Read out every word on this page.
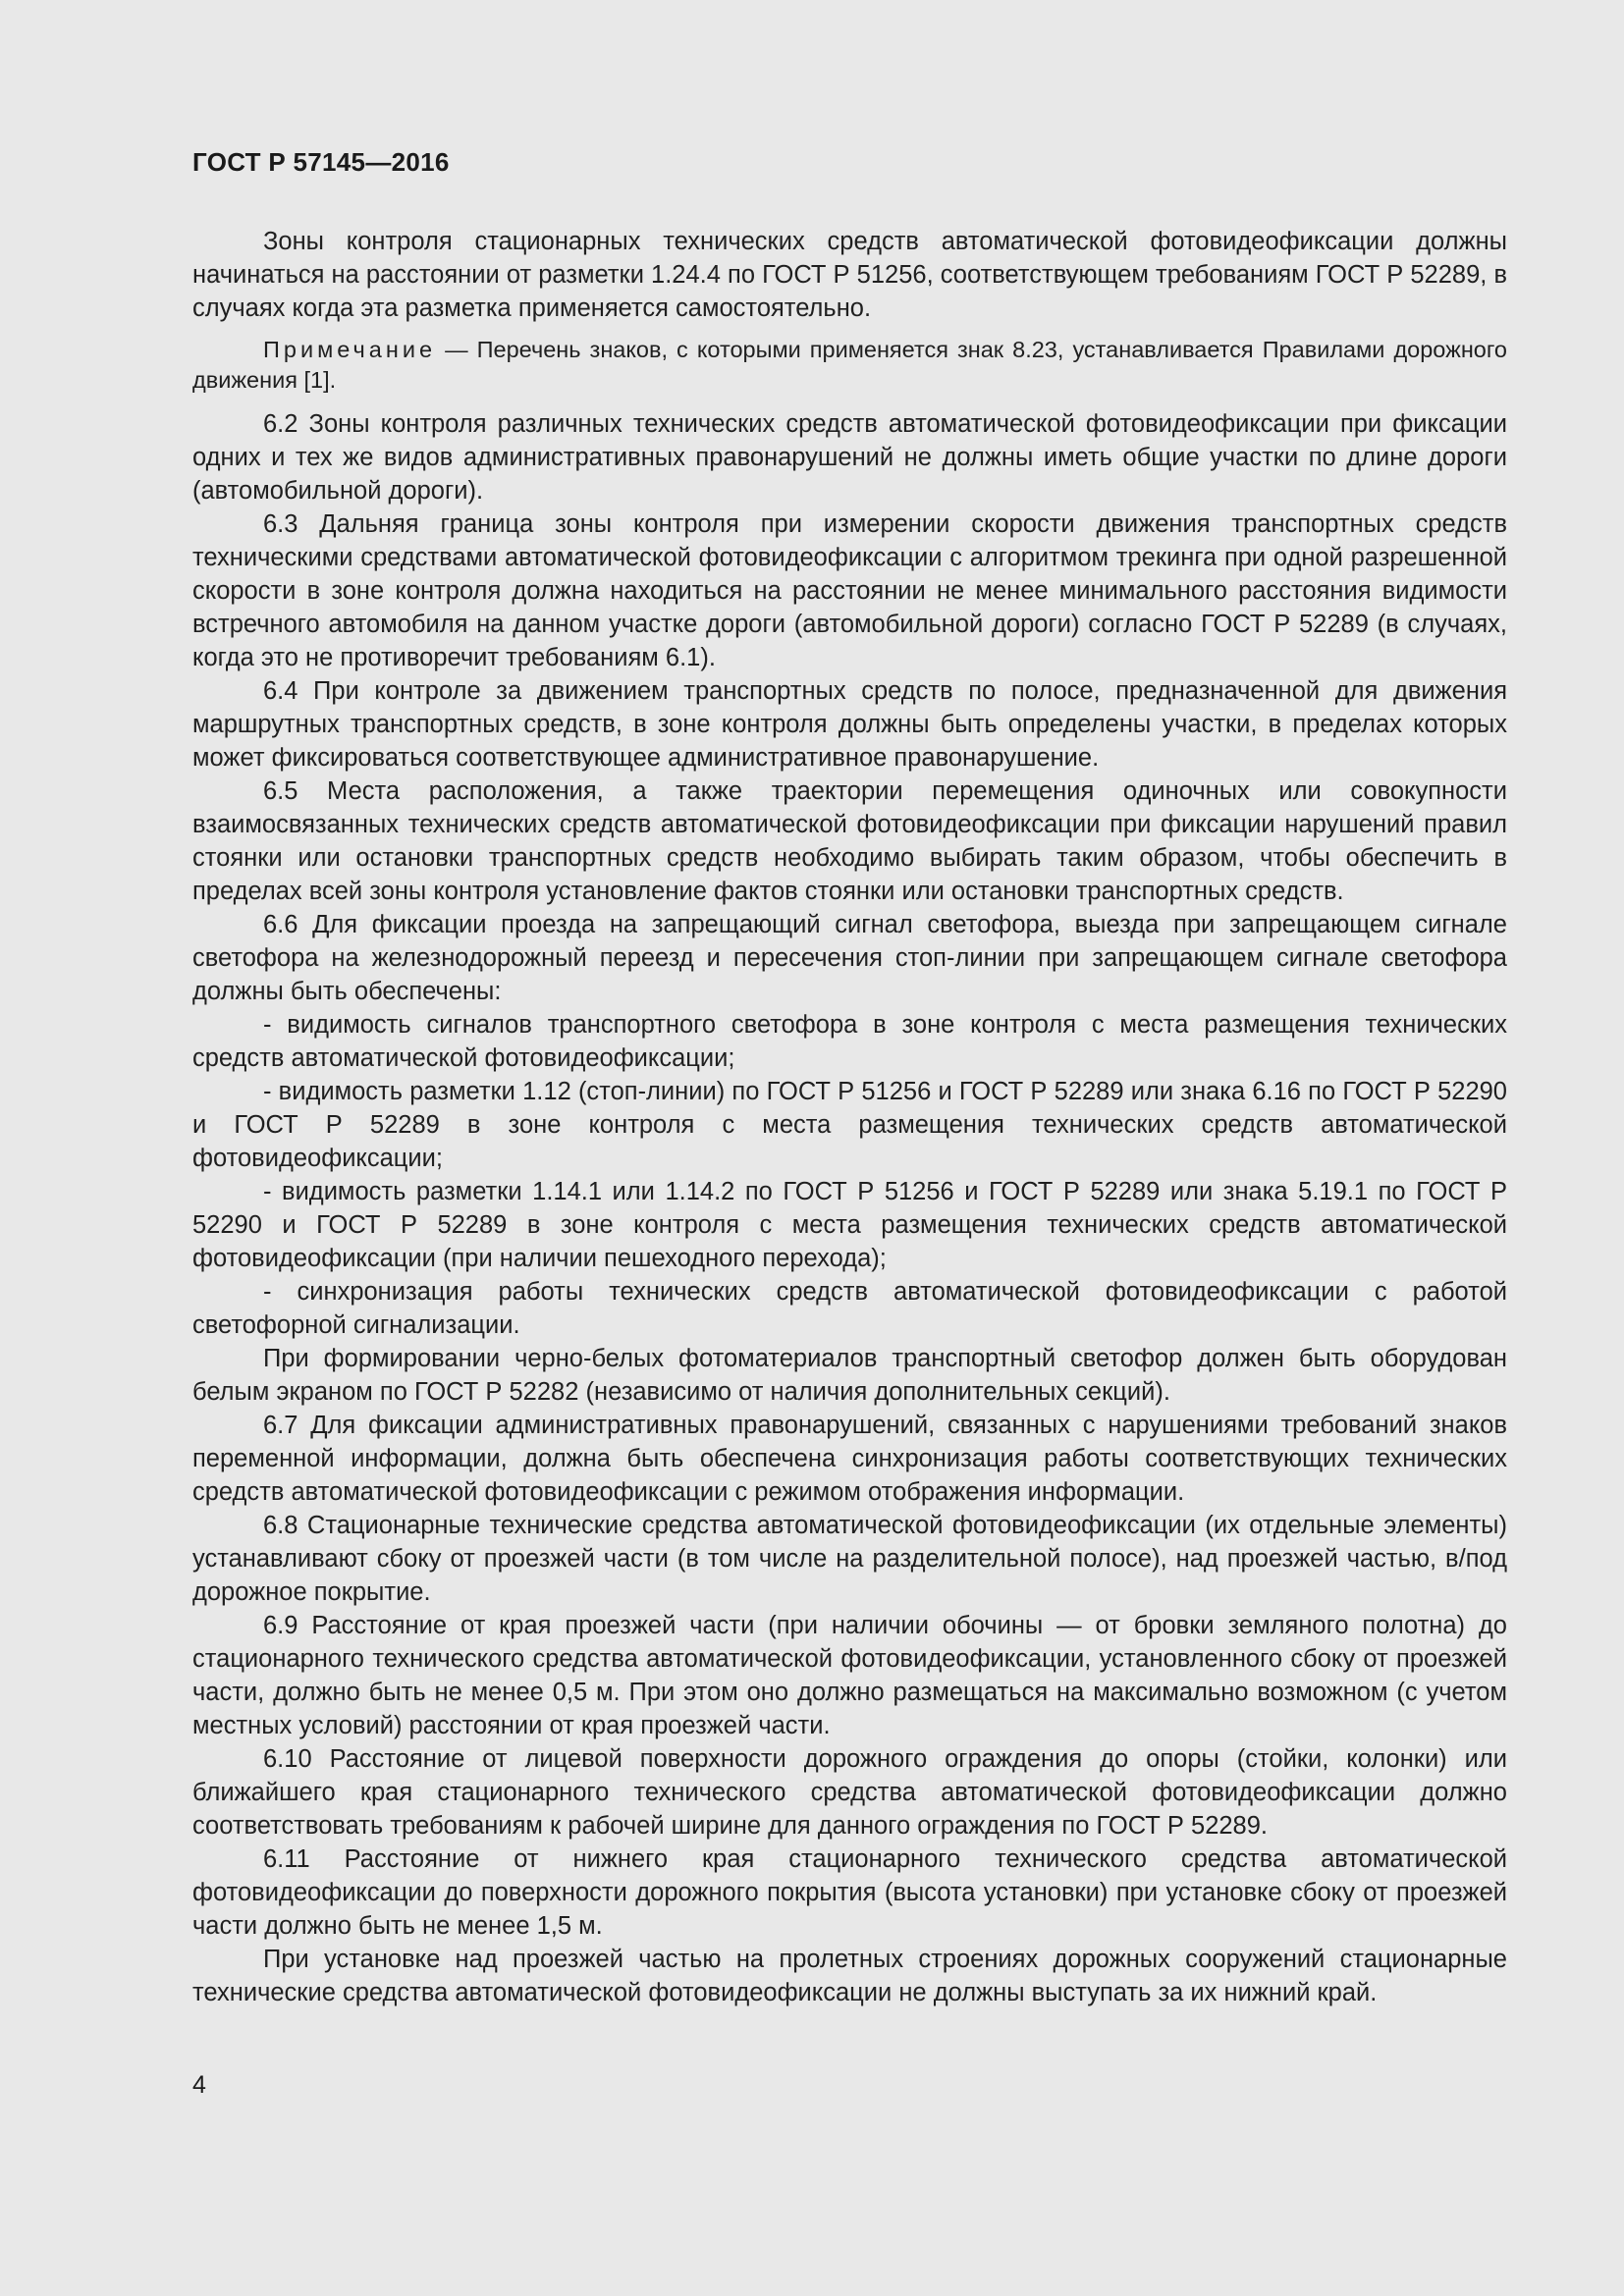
ГОСТ Р 57145—2016

Зоны контроля стационарных технических средств автоматической фотовидеофиксации должны начинаться на расстоянии от разметки 1.24.4 по ГОСТ Р 51256, соответствующем требованиям ГОСТ Р 52289, в случаях когда эта разметка применяется самостоятельно.

Примечание — Перечень знаков, с которыми применяется знак 8.23, устанавливается Правилами дорожного движения [1].

6.2 Зоны контроля различных технических средств автоматической фотовидеофиксации при фиксации одних и тех же видов административных правонарушений не должны иметь общие участки по длине дороги (автомобильной дороги).

6.3 Дальняя граница зоны контроля при измерении скорости движения транспортных средств техническими средствами автоматической фотовидеофиксации с алгоритмом трекинга при одной разрешенной скорости в зоне контроля должна находиться на расстоянии не менее минимального расстояния видимости встречного автомобиля на данном участке дороги (автомобильной дороги) согласно ГОСТ Р 52289 (в случаях, когда это не противоречит требованиям 6.1).

6.4 При контроле за движением транспортных средств по полосе, предназначенной для движения маршрутных транспортных средств, в зоне контроля должны быть определены участки, в пределах которых может фиксироваться соответствующее административное правонарушение.

6.5 Места расположения, а также траектории перемещения одиночных или совокупности взаимосвязанных технических средств автоматической фотовидеофиксации при фиксации нарушений правил стоянки или остановки транспортных средств необходимо выбирать таким образом, чтобы обеспечить в пределах всей зоны контроля установление фактов стоянки или остановки транспортных средств.

6.6 Для фиксации проезда на запрещающий сигнал светофора, выезда при запрещающем сигнале светофора на железнодорожный переезд и пересечения стоп-линии при запрещающем сигнале светофора должны быть обеспечены:

- видимость сигналов транспортного светофора в зоне контроля с места размещения технических средств автоматической фотовидеофиксации;

- видимость разметки 1.12 (стоп-линии) по ГОСТ Р 51256 и ГОСТ Р 52289 или знака 6.16 по ГОСТ Р 52290 и ГОСТ Р 52289 в зоне контроля с места размещения технических средств автоматической фотовидеофиксации;

- видимость разметки 1.14.1 или 1.14.2 по ГОСТ Р 51256 и ГОСТ Р 52289 или знака 5.19.1 по ГОСТ Р 52290 и ГОСТ Р 52289 в зоне контроля с места размещения технических средств автоматической фотовидеофиксации (при наличии пешеходного перехода);

- синхронизация работы технических средств автоматической фотовидеофиксации с работой светофорной сигнализации.

При формировании черно-белых фотоматериалов транспортный светофор должен быть оборудован белым экраном по ГОСТ Р 52282 (независимо от наличия дополнительных секций).

6.7 Для фиксации административных правонарушений, связанных с нарушениями требований знаков переменной информации, должна быть обеспечена синхронизация работы соответствующих технических средств автоматической фотовидеофиксации с режимом отображения информации.

6.8 Стационарные технические средства автоматической фотовидеофиксации (их отдельные элементы) устанавливают сбоку от проезжей части (в том числе на разделительной полосе), над проезжей частью, в/под дорожное покрытие.

6.9 Расстояние от края проезжей части (при наличии обочины — от бровки земляного полотна) до стационарного технического средства автоматической фотовидеофиксации, установленного сбоку от проезжей части, должно быть не менее 0,5 м. При этом оно должно размещаться на максимально возможном (с учетом местных условий) расстоянии от края проезжей части.

6.10 Расстояние от лицевой поверхности дорожного ограждения до опоры (стойки, колонки) или ближайшего края стационарного технического средства автоматической фотовидеофиксации должно соответствовать требованиям к рабочей ширине для данного ограждения по ГОСТ Р 52289.

6.11 Расстояние от нижнего края стационарного технического средства автоматической фотовидеофиксации до поверхности дорожного покрытия (высота установки) при установке сбоку от проезжей части должно быть не менее 1,5 м.

При установке над проезжей частью на пролетных строениях дорожных сооружений стационарные технические средства автоматической фотовидеофиксации не должны выступать за их нижний край.

4
